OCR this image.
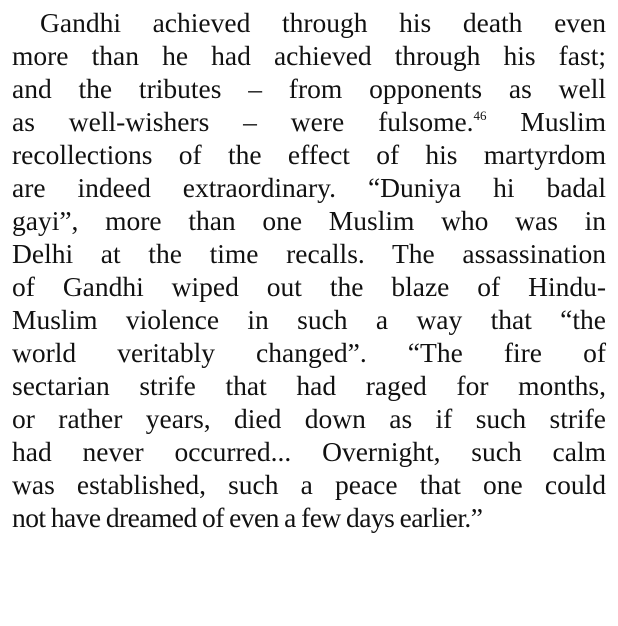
Gandhi achieved through his death even
more than he had achieved through his fast;
and the tributes – from opponents as well
as well-wishers – were fulsome.$^{46}$ Muslim
recollections of the effect of his martyrdom
are indeed extraordinary. “Duniya hi badal
gayi”, more than one Muslim who was in
Delhi at the time recalls. The assassination
of Gandhi wiped out the blaze of Hindu-
Muslim violence in such a way that “the
world veritably changed”. “The fire of
sectarian strife that had raged for months,
or rather years, died down as if such strife
had never occurred... Overnight, such calm
was established, such a peace that one could
not have dreamed of even a few days earlier.”
